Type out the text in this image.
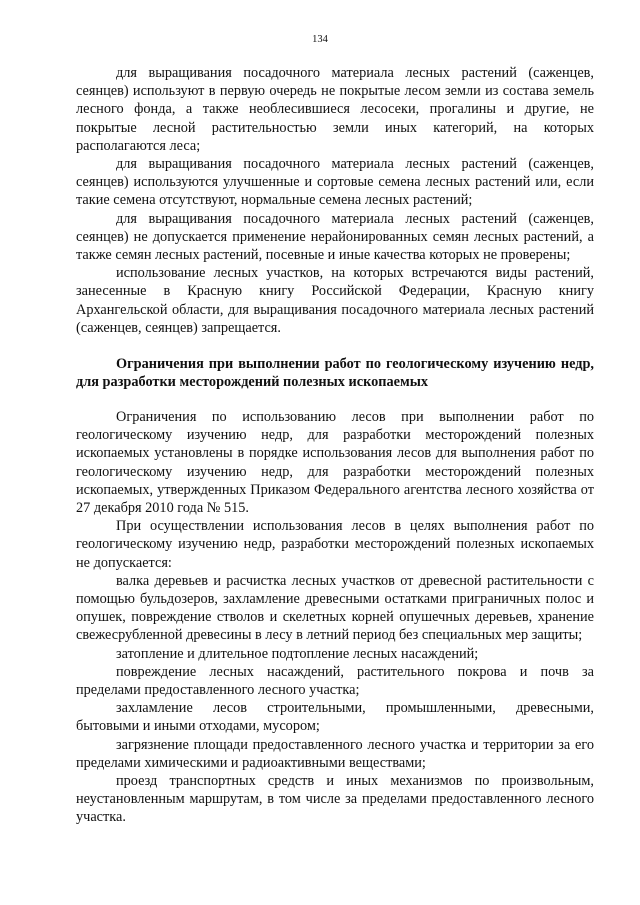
134

для выращивания посадочного материала лесных растений (саженцев, сеянцев) используют в первую очередь не покрытые лесом земли из состава земель лесного фонда, а также необлесившиеся лесосеки, прогалины и другие, не покрытые лесной растительностью земли иных категорий, на которых располагаются леса;

для выращивания посадочного материала лесных растений (саженцев, сеянцев) используются улучшенные и сортовые семена лесных растений или, если такие семена отсутствуют, нормальные семена лесных растений;

для выращивания посадочного материала лесных растений (саженцев, сеянцев) не допускается применение нерайонированных семян лесных растений, а также семян лесных растений, посевные и иные качества которых не проверены;

использование лесных участков, на которых встречаются виды растений, занесенные в Красную книгу Российской Федерации, Красную книгу Архангельской области, для выращивания посадочного материала лесных растений (саженцев, сеянцев) запрещается.

Ограничения при выполнении работ по геологическому изучению недр, для разработки месторождений полезных ископаемых

Ограничения по использованию лесов при выполнении работ по геологическому изучению недр, для разработки месторождений полезных ископаемых установлены в порядке использования лесов для выполнения работ по геологическому изучению недр, для разработки месторождений полезных ископаемых, утвержденных Приказом Федерального агентства лесного хозяйства от 27 декабря 2010 года № 515.

При осуществлении использования лесов в целях выполнения работ по геологическому изучению недр, разработки месторождений полезных ископаемых не допускается:

валка деревьев и расчистка лесных участков от древесной растительности с помощью бульдозеров, захламление древесными остатками приграничных полос и опушек, повреждение стволов и скелетных корней опушечных деревьев, хранение свежесрубленной древесины в лесу в летний период без специальных мер защиты;

затопление и длительное подтопление лесных насаждений;

повреждение лесных насаждений, растительного покрова и почв за пределами предоставленного лесного участка;

захламление лесов строительными, промышленными, древесными, бытовыми и иными отходами, мусором;

загрязнение площади предоставленного лесного участка и территории за его пределами химическими и радиоактивными веществами;

проезд транспортных средств и иных механизмов по произвольным, неустановленным маршрутам, в том числе за пределами предоставленного лесного участка.
